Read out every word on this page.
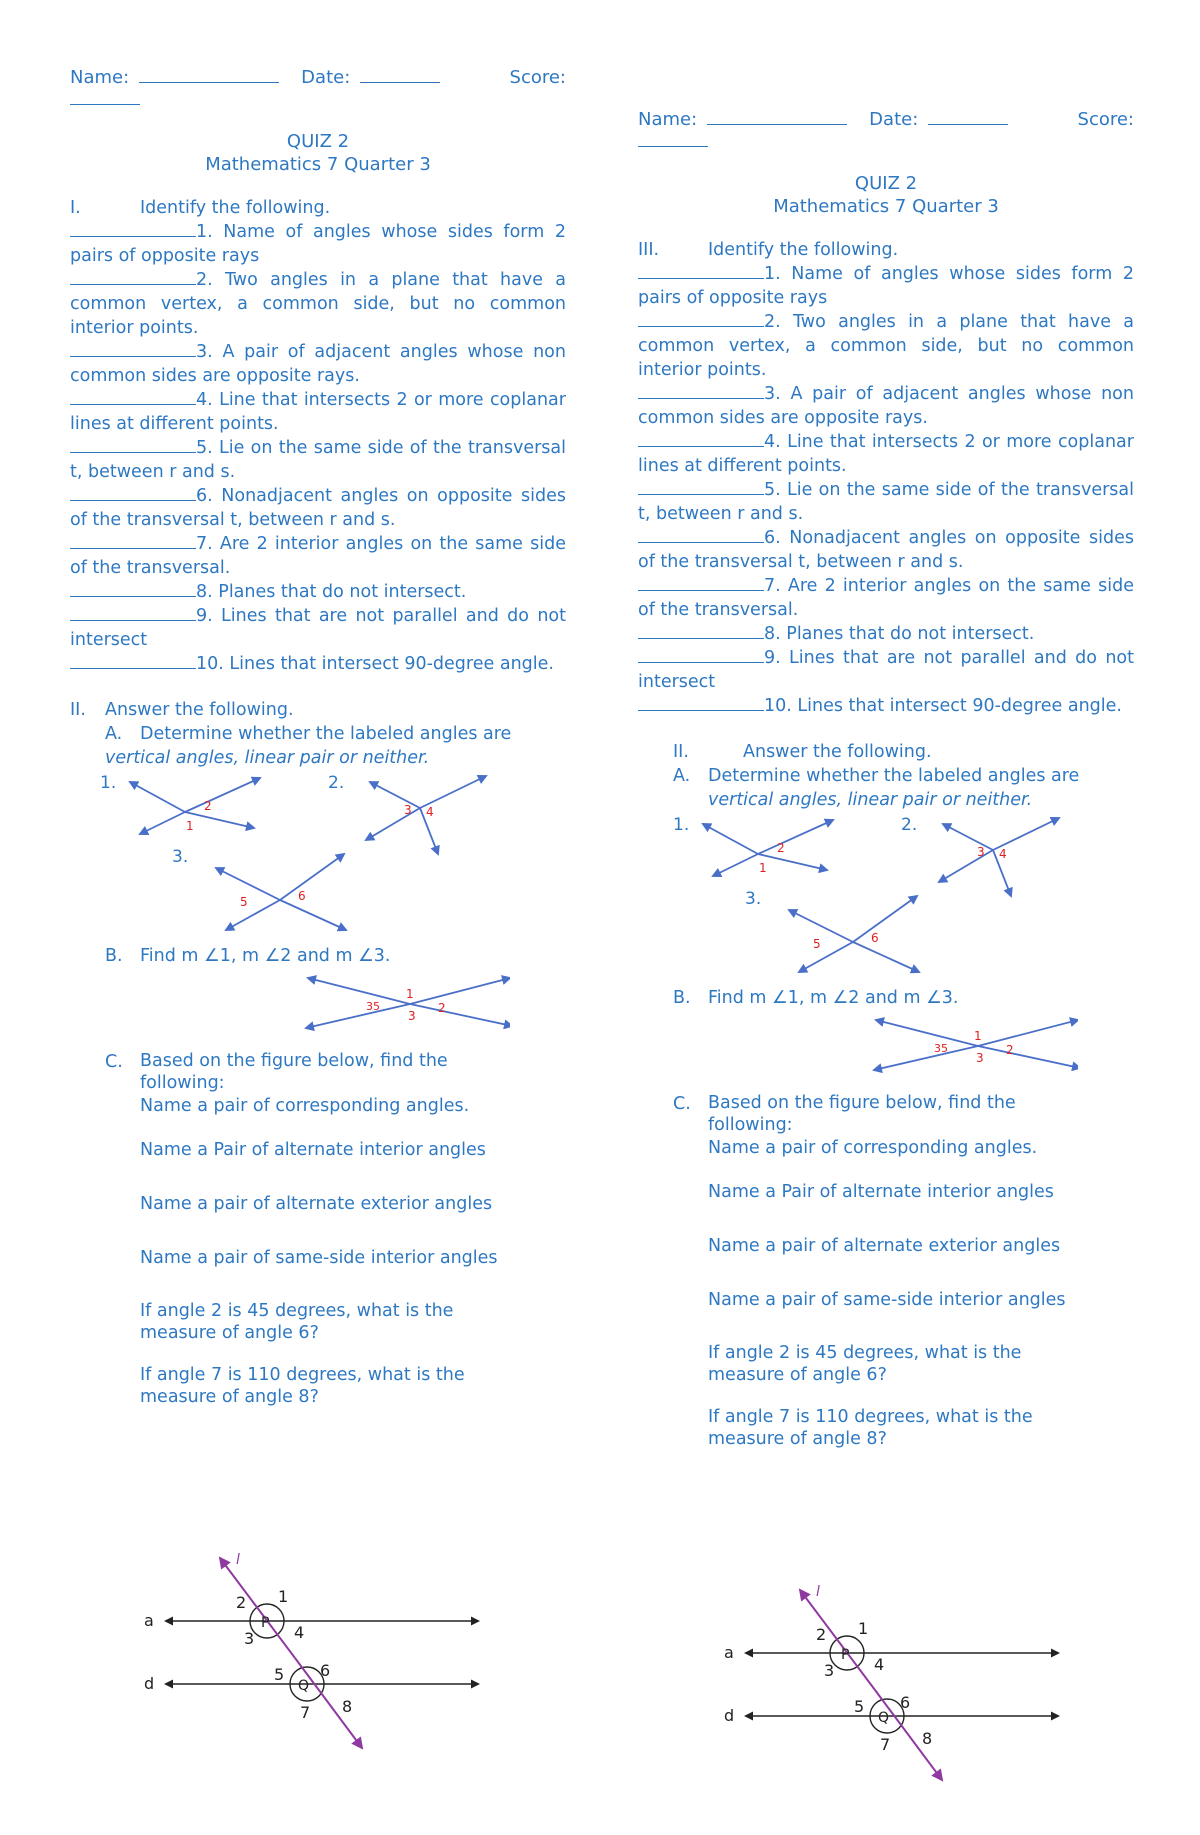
Name:	Date:	Score:
QUIZ 2
Mathematics 7 Quarter 3
I.	Identify the following.
1. Name of angles whose sides form 2 pairs of opposite rays
2. Two angles in a plane that have a common vertex, a common side, but no common interior points.
3. A pair of adjacent angles whose non common sides are opposite rays.
4. Line that intersects 2 or more coplanar lines at different points.
5. Lie on the same side of the transversal t, between r and s.
6. Nonadjacent angles on opposite sides of the transversal t, between r and s.
7. Are 2 interior angles on the same side of the transversal.
8. Planes that do not intersect.
9. Lines that are not parallel and do not intersect
10. Lines that intersect 90-degree angle.
II. Answer the following.
A. Determine whether the labeled angles are
vertical angles, linear pair or neither.
1.	2.
3.
2
1
3 4
5	6
B. Find m ∠1, m ∠2 and m ∠3.
1
2
3
35
C. Based on the figure below, find the following:
Name a pair of corresponding angles.
Name a Pair of alternate interior angles
Name a pair of alternate exterior angles
Name a pair of same-side interior angles
If angle 2 is 45 degrees, what is the measure of angle 6?
If angle 7 is 110 degrees, what is the measure of angle 8?
l
a
d
P
Q
2 1
3 4
5 6
7 8
Name:	Date:	Score:
QUIZ 2
Mathematics 7 Quarter 3
III.	Identify the following.
1. Name of angles whose sides form 2 pairs of opposite rays
2. Two angles in a plane that have a common vertex, a common side, but no common interior points.
3. A pair of adjacent angles whose non common sides are opposite rays.
4. Line that intersects 2 or more coplanar lines at different points.
5. Lie on the same side of the transversal t, between r and s.
6. Nonadjacent angles on opposite sides of the transversal t, between r and s.
7. Are 2 interior angles on the same side of the transversal.
8. Planes that do not intersect.
9. Lines that are not parallel and do not intersect
10. Lines that intersect 90-degree angle.
II.	Answer the following.
A. Determine whether the labeled angles are
vertical angles, linear pair or neither.
1.	2.
3.
2
1
3 4
5	6
B. Find m ∠1, m ∠2 and m ∠3.
1
2
3
35
C. Based on the figure below, find the following:
Name a pair of corresponding angles.
Name a Pair of alternate interior angles
Name a pair of alternate exterior angles
Name a pair of same-side interior angles
If angle 2 is 45 degrees, what is the measure of angle 6?
If angle 7 is 110 degrees, what is the measure of angle 8?
l
a
d
P
Q
2 1
3 4
5 6
7 8
